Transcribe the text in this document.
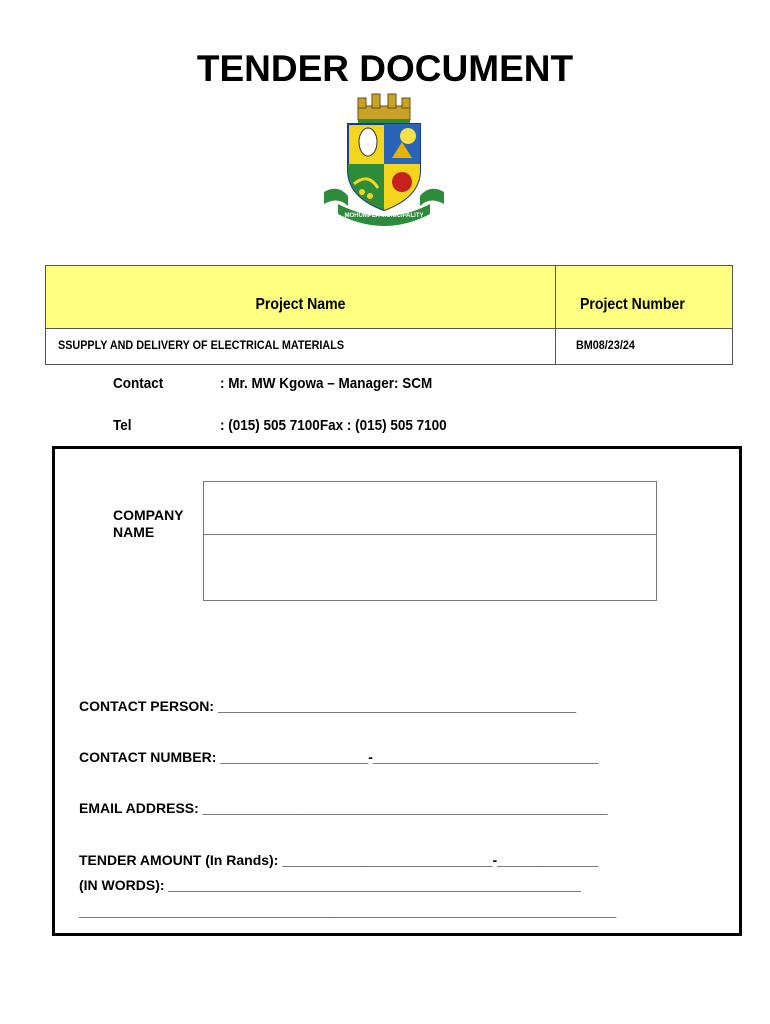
TENDER DOCUMENT
MOHUMPLA MUNICIPALITY
Project Name	Project Number
SSUPPLY AND DELIVERY OF ELECTRICAL MATERIALS	BM08/23/24
Contact	: Mr. MW Kgowa – Manager: SCM
Tel	: (015) 505 7100Fax : (015) 505 7100
COMPANY
NAME
CONTACT PERSON: ______________________________________________
CONTACT NUMBER: ___________________-_____________________________
EMAIL ADDRESS: ____________________________________________________
TENDER AMOUNT (In Rands): ___________________________-_____________
(IN WORDS): _____________________________________________________
_____________________________________________________________________
